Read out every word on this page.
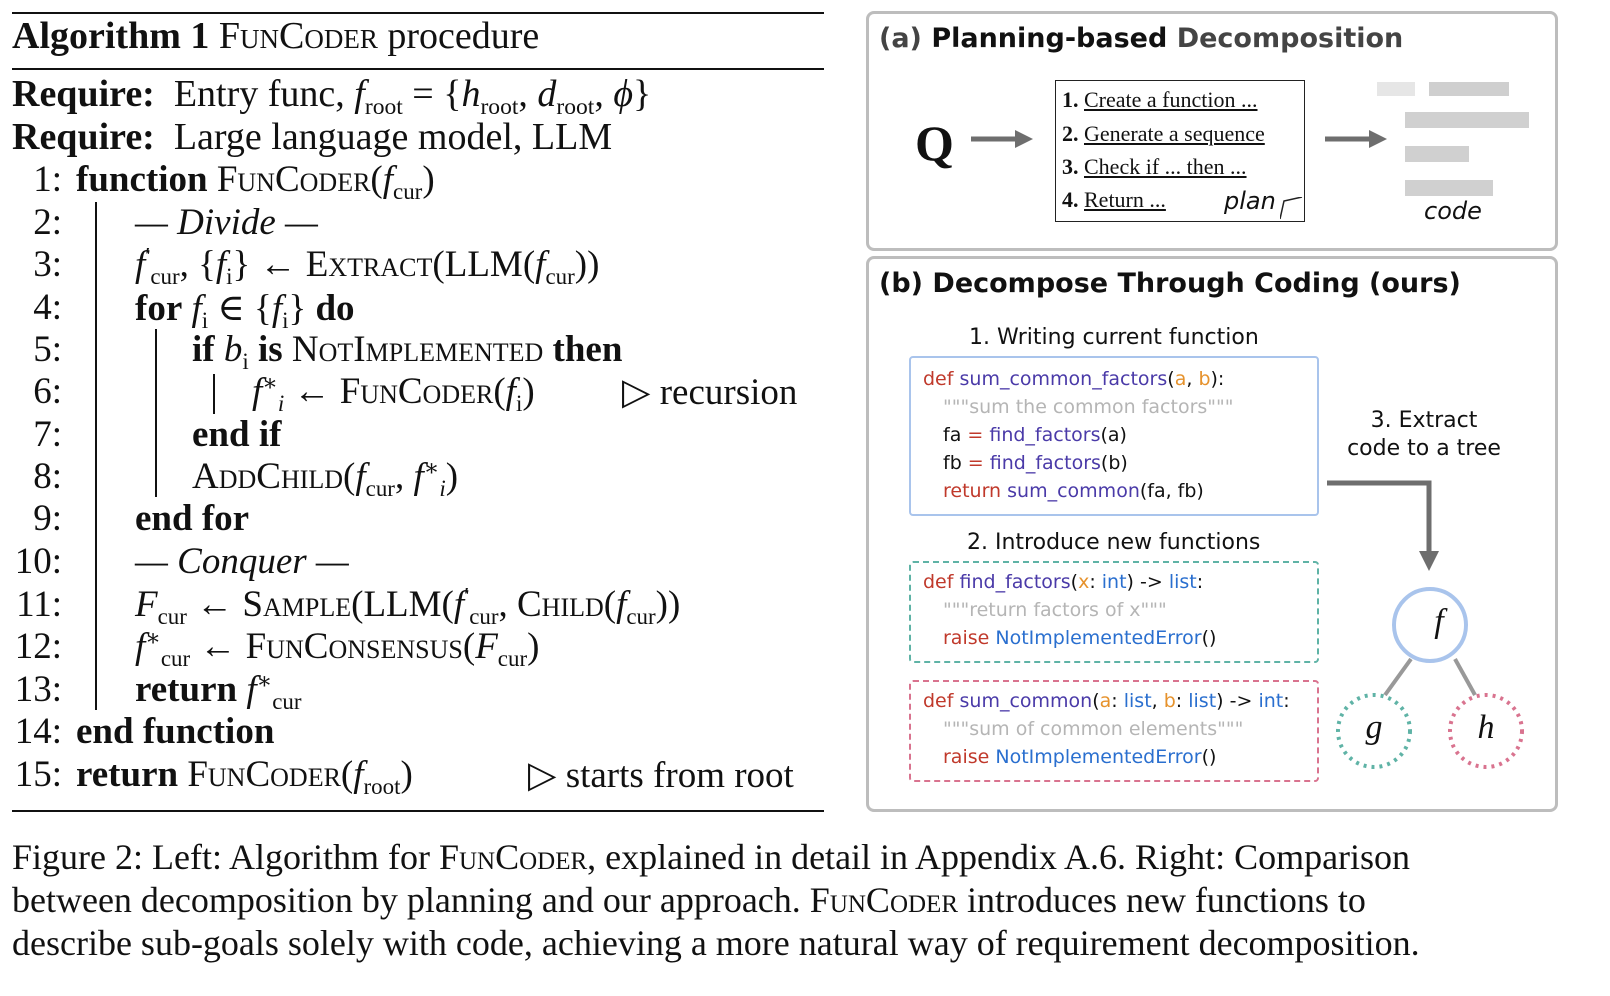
Algorithm 1 FunCoder procedure
Require: Entry func, $f_{root} = \{h_{root}$, $d_{root}$, ϕ}
Require: Large language model, LLM
1: function $FunCoder(f_{cur})$
2: — Divide —
3: $f'_{cur}$, $\{f_i\}$ ← $Extract(LLM(f_{cur}))$
4: for $f_i$ ∈ $\{f_i\}$ do
5:	if $b_i$ is NotImplemented then
6:	$f^∗_i$ ← $FunCoder(f_i)$ ▷ recursion
7:	end if
8:	$AddChild(f_{cur}$, $f^∗_i$)
9: end for
10: — Conquer —
11: $F_{cur}$ ← $Sample(LLM(f'_{cur}$, $Child(f_{cur})$)
12: $f^∗_{cur}$ ← $FunConsensus(F_{cur})$
13: return $f^∗_{cur}$
14: end function
15: return $FunCoder(f_{root})$	▷ starts from root
(a) Planning-based Decomposition
Q
1. Create a function ...
2. Generate a sequence
3. Check if ... then ...
4. Return ... plan	code
(b) Decompose Through Coding (ours)
1. Writing current function
def sum_common_factors(a, b):
"""sum the common factors"""
fa = find_factors(a)
fb = find_factors(b)
return sum_common(fa, fb)
2. Introduce new functions
def find_factors(x: int) -> list:
"""return factors of x"""
raise NotImplementedError()
def sum_common(a: list, b: list) -> int:
"""sum of common elements"""
raise NotImplementedError()
3. Extract
code to a tree
f
g	h
Figure 2: Left: Algorithm for FunCoder, explained in detail in Appendix A.6. Right: Comparison
between decomposition by planning and our approach. FunCoder introduces new functions to
describe sub-goals solely with code, achieving a more natural way of requirement decomposition.
